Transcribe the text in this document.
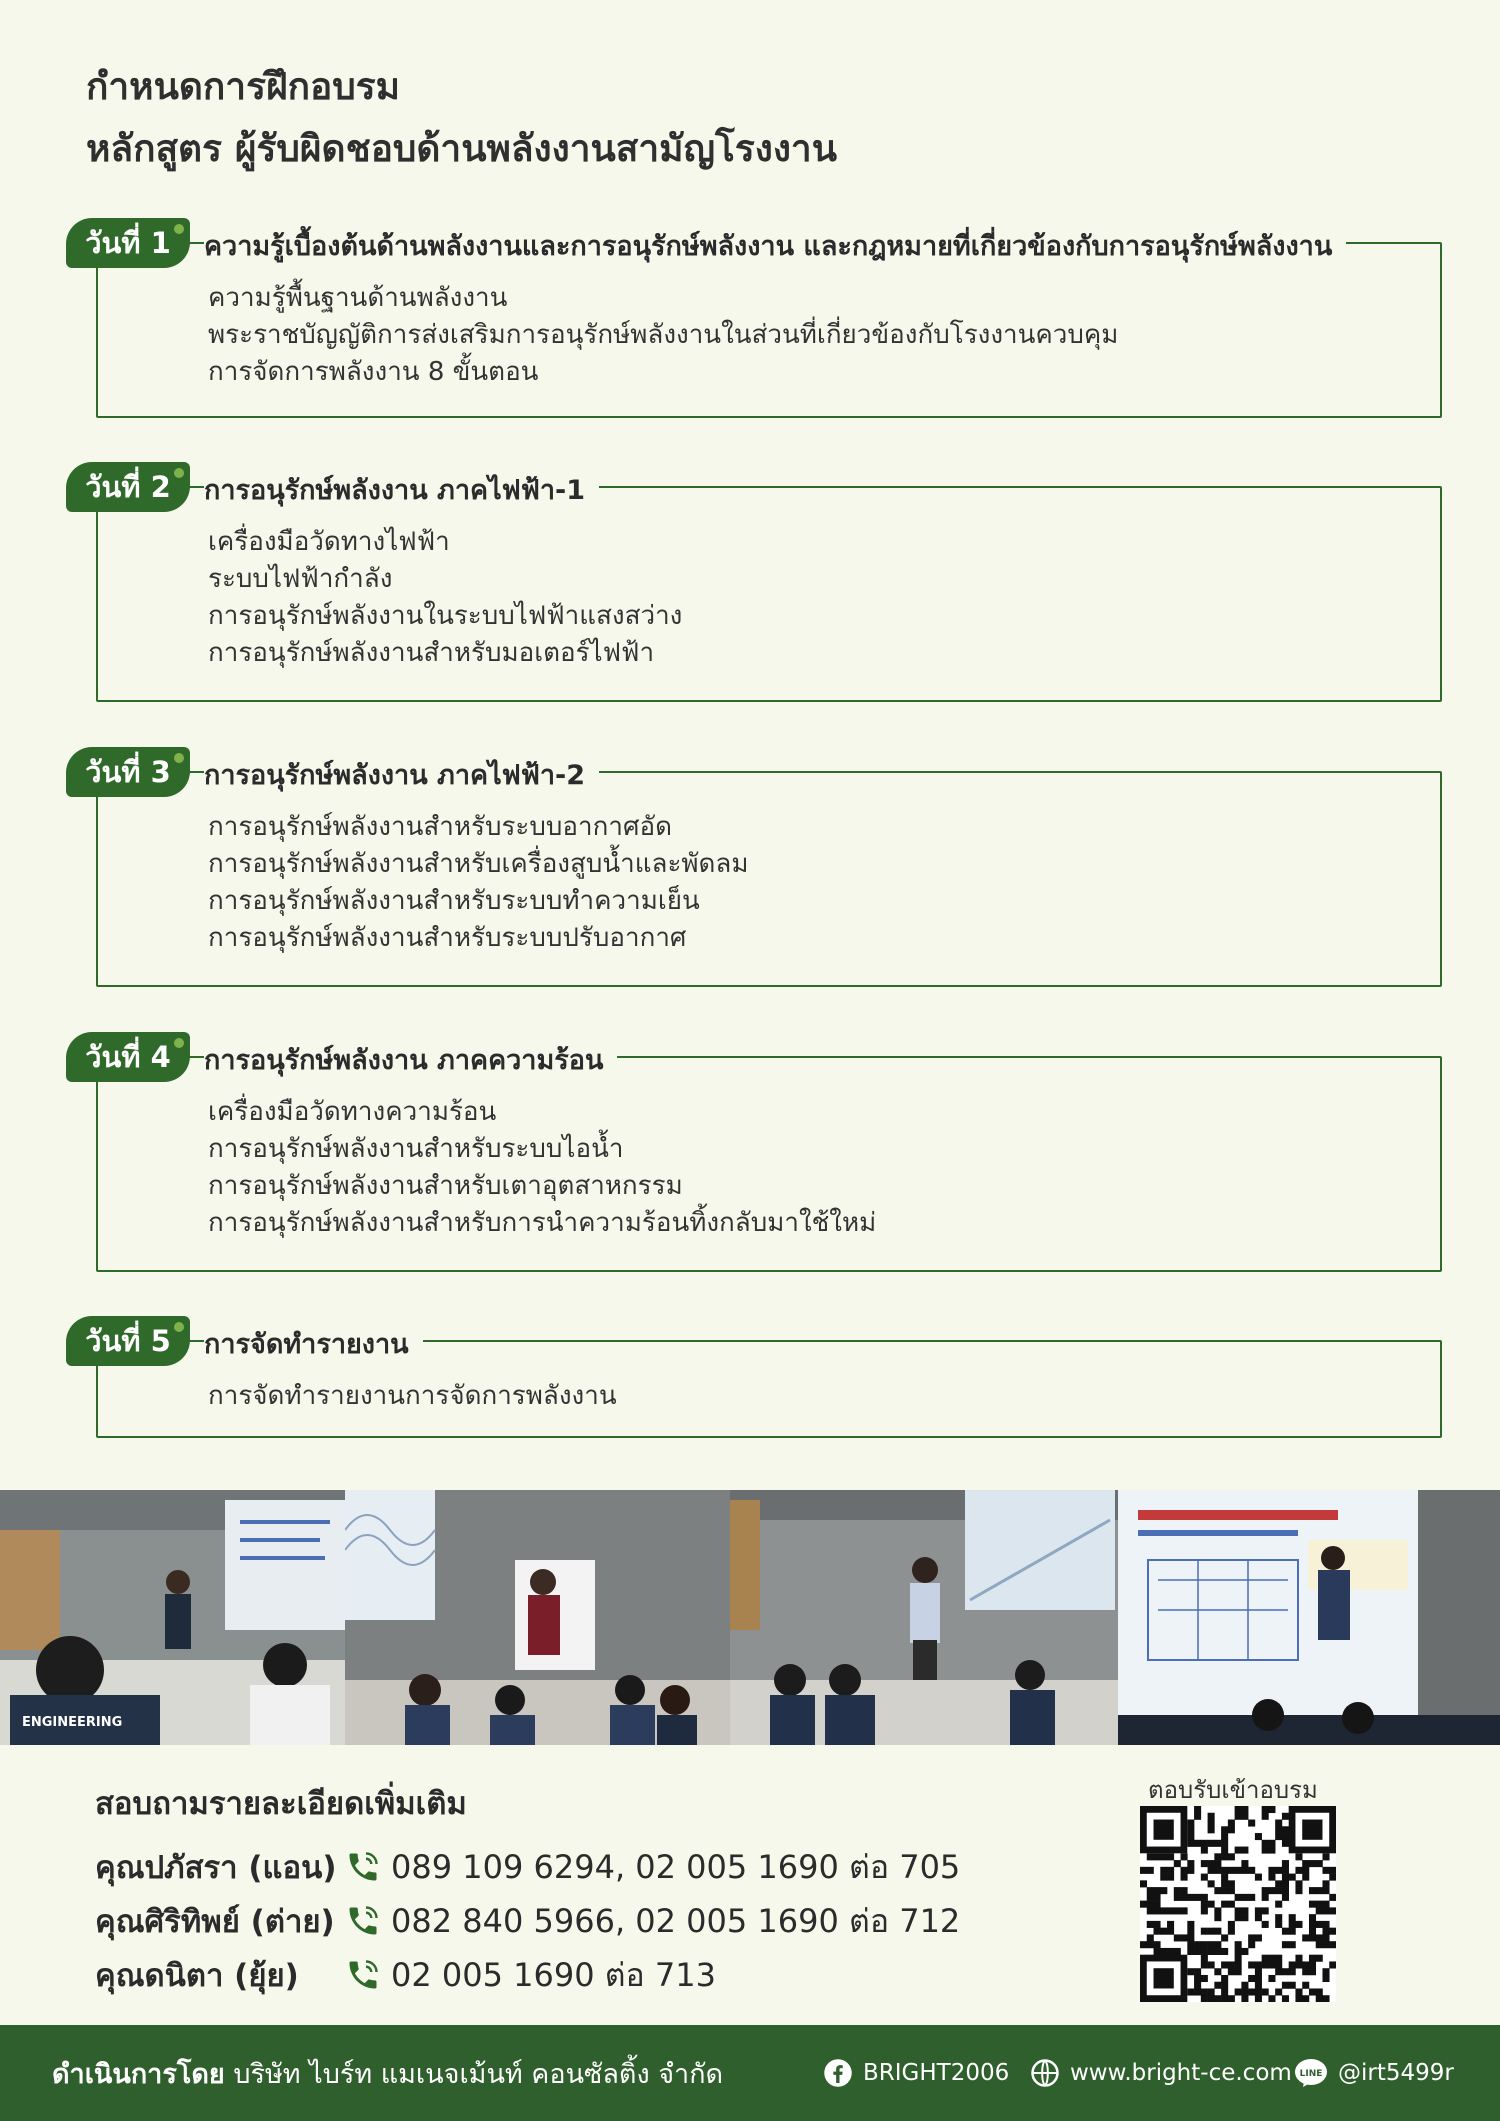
กำหนดการฝึกอบรม
หลักสูตร ผู้รับผิดชอบด้านพลังงานสามัญโรงงาน
วันที่ 1	ความรู้เบื้องต้นด้านพลังงานและการอนุรักษ์พลังงาน และกฎหมายที่เกี่ยวข้องกับการอนุรักษ์พลังงาน
ความรู้พื้นฐานด้านพลังงาน
พระราชบัญญัติการส่งเสริมการอนุรักษ์พลังงานในส่วนที่เกี่ยวข้องกับโรงงานควบคุม
การจัดการพลังงาน 8 ขั้นตอน
วันที่ 2	การอนุรักษ์พลังงาน ภาคไฟฟ้า-1
เครื่องมือวัดทางไฟฟ้า
ระบบไฟฟ้ากำลัง
การอนุรักษ์พลังงานในระบบไฟฟ้าแสงสว่าง
การอนุรักษ์พลังงานสำหรับมอเตอร์ไฟฟ้า
วันที่ 3	การอนุรักษ์พลังงาน ภาคไฟฟ้า-2
การอนุรักษ์พลังงานสำหรับระบบอากาศอัด
การอนุรักษ์พลังงานสำหรับเครื่องสูบน้ำและพัดลม
การอนุรักษ์พลังงานสำหรับระบบทำความเย็น
การอนุรักษ์พลังงานสำหรับระบบปรับอากาศ
วันที่ 4	การอนุรักษ์พลังงาน ภาคความร้อน
เครื่องมือวัดทางความร้อน
การอนุรักษ์พลังงานสำหรับระบบไอน้ำ
การอนุรักษ์พลังงานสำหรับเตาอุตสาหกรรม
การอนุรักษ์พลังงานสำหรับการนำความร้อนทิ้งกลับมาใช้ใหม่
วันที่ 5	การจัดทำรายงาน
การจัดทำรายงานการจัดการพลังงาน
ENGINEERING
สอบถามรายละเอียดเพิ่มเติม
คุณปภัสรา (แอน) 089 109 6294, 02 005 1690 ต่อ 705
คุณศิริทิพย์ (ต่าย)	082 840 5966, 02 005 1690 ต่อ 712
คุณดนิตา (ยุ้ย)	02 005 1690 ต่อ 713
ตอบรับเข้าอบรม
ดำเนินการโดย บริษัท ไบร์ท แมเนจเม้นท์ คอนซัลติ้ง จำกัด	BRIGHT2006	www.bright-ce.com LINE @irt5499r
